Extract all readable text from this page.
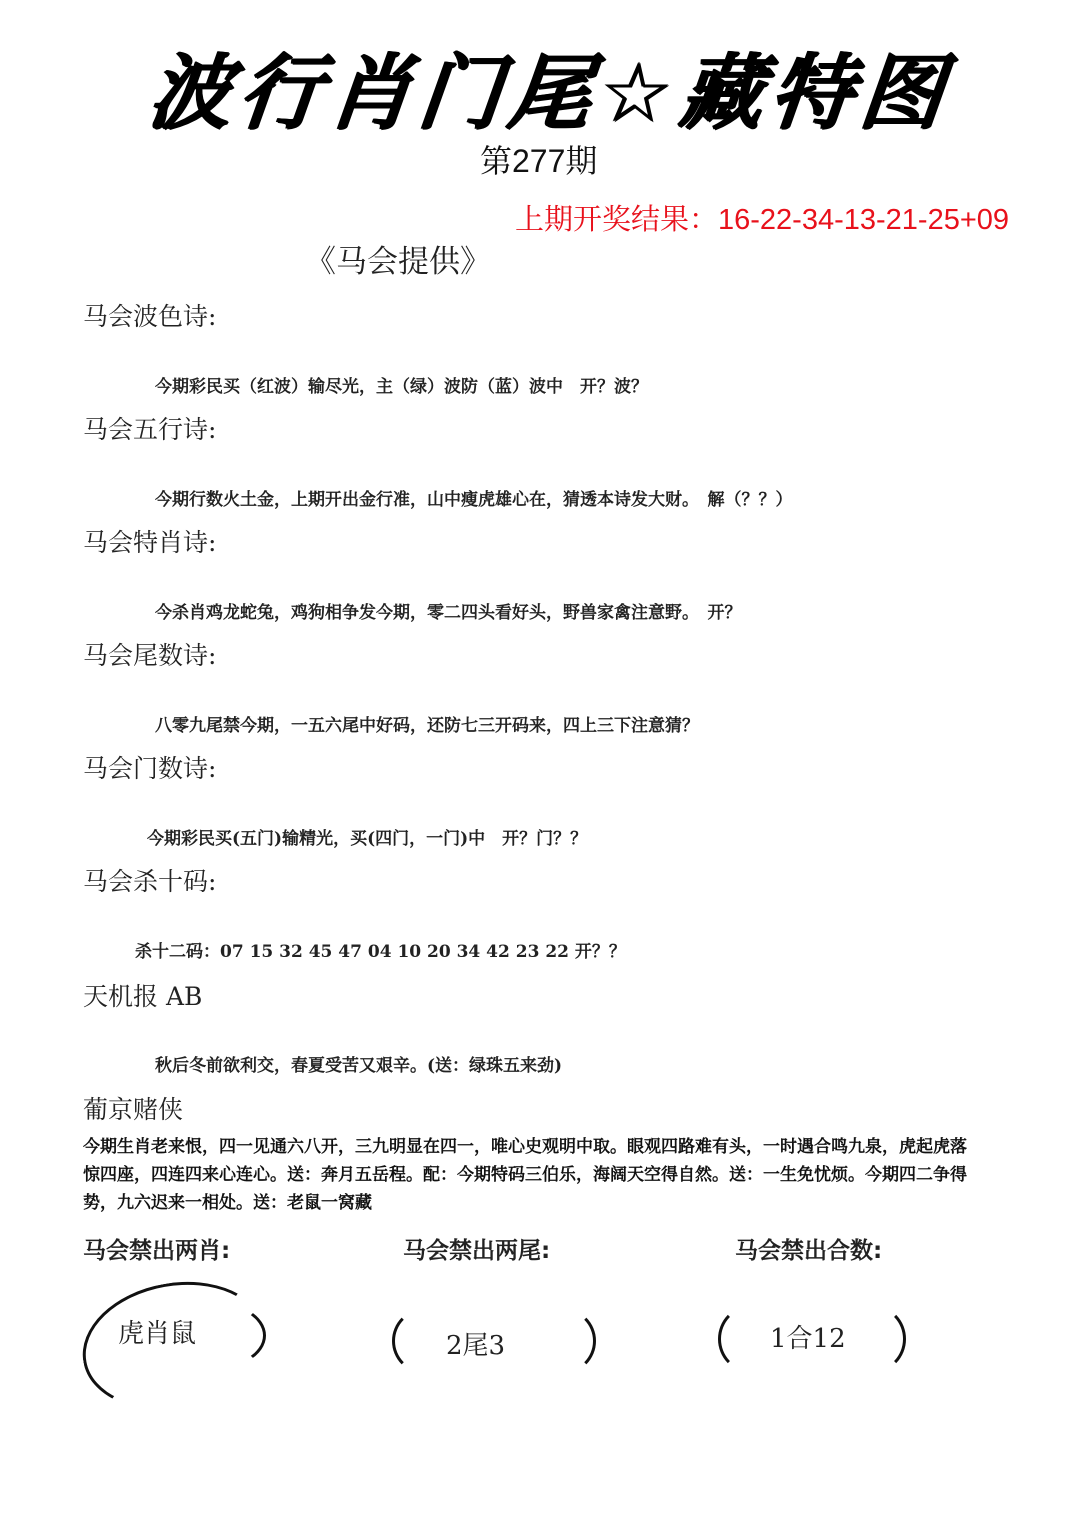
波行肖门尾☆藏特图
第277期
上期开奖结果：16-22-34-13-21-25+09
《马会提供》
马会波色诗:
今期彩民买（红波）输尽光，主（绿）波防（蓝）波中　开？波？
马会五行诗:
今期行数火土金，上期开出金行准，山中瘦虎雄心在，猜透本诗发大财。　解（？？）
马会特肖诗:
今杀肖鸡龙蛇兔，鸡狗相争发今期，零二四头看好头，野兽家禽注意野。　开？
马会尾数诗:
八零九尾禁今期，一五六尾中好码，还防七三开码来，四上三下注意猜？
马会门数诗:
今期彩民买(五门)输精光，买(四门，一门)中　开？门？？
马会杀十码:
杀十二码：07 15 32 45 47 04 10 20 34 42 23 22 开？？
天机报 AB
秋后冬前欲利交，春夏受苦又艰辛。(送：绿珠五来劲)
葡京赌侠
今期生肖老来恨，四一见通六八开，三九明显在四一，唯心史观明中取。眼观四路难有头，一时遇合鸣九泉，虎起虎落惊四座，四连四来心连心。送：奔月五岳程。配：今期特码三伯乐，海阔天空得自然。送：一生免忧烦。今期四二争得势，九六迟来一相处。送：老鼠一窝藏
马会禁出两肖:	马会禁出两尾:	马会禁出合数:
虎肖鼠	2尾3	1合12
